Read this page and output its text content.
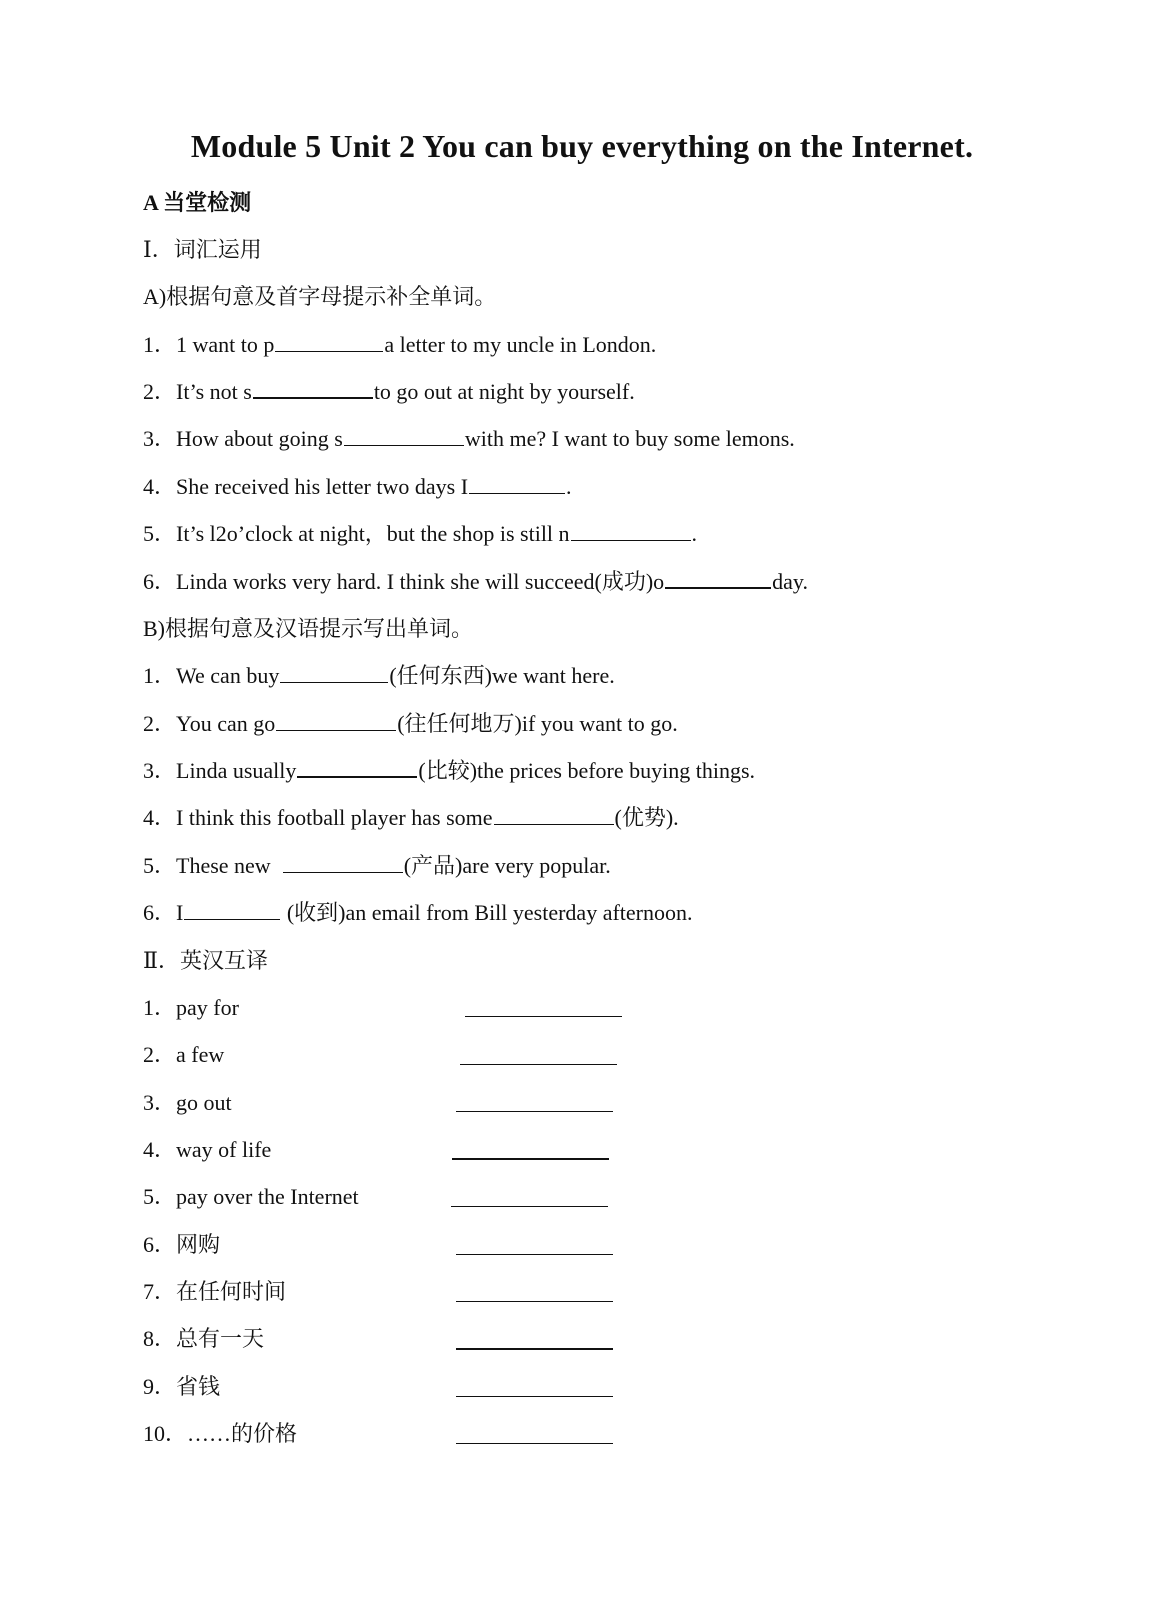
Module 5 Unit 2 You can buy everything on the Internet.
A 当堂检测
Ⅰ．词汇运用
A)根据句意及首字母提示补全单词。
1．1 want to p	a letter to my uncle in London.
2．It’s not s	to go out at night by yourself.
3．How about going s	with me? I want to buy some lemons.
4．She received his letter two days I	.
5．It’s l2o’clock at night，but the shop is still n	.
6．Linda works very hard. I think she will succeed(成功)o	day.
B)根据句意及汉语提示写出单词。
1．We can buy	(任何东西)we want here.
2．You can go	(往任何地万)if you want to go.
3．Linda usually	(比较)the prices before buying things.
4．I think this football player has some	(优势).
5．These new	(产品)are very popular.
6．I	(收到)an email from Bill yesterday afternoon.
Ⅱ．英汉互译
1．pay for
2．a few
3．go out
4．way of life
5．pay over the Internet
6．网购
7．在任何时间
8．总有一天
9．省钱
10．……的价格
